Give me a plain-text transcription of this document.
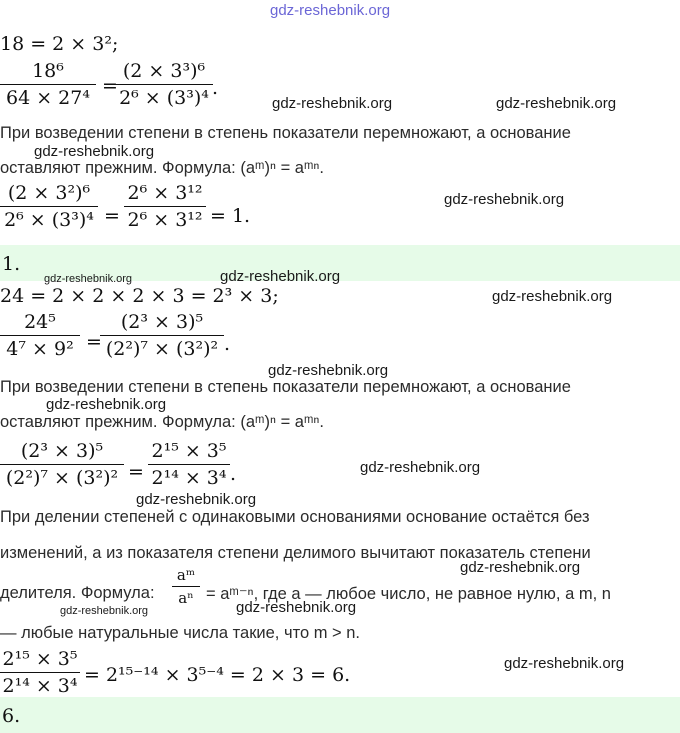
gdz-reshebnik.org
18 = 2 × 3²;
18⁶
64 × 27⁴
=
(2 × 3³)⁶
2⁶ × (3³)⁴ .
gdz-reshebnik.org	gdz-reshebnik.org
При возведении степени в степень показатели перемножают, а основание
gdz-reshebnik.org
оставляют прежним. Формула: (aᵐ)ⁿ = aᵐⁿ.
(2 × 3²)⁶
2⁶ × (3³)⁴ =
2⁶ × 3¹²
2⁶ × 3¹² = 1.
gdz-reshebnik.org
1.
gdz-reshebnik.org	gdz-reshebnik.org
24 = 2 × 2 × 2 × 3 = 2³ × 3;	gdz-reshebnik.org
24⁵
4⁷ × 9² =
(2³ × 3)⁵
(2²)⁷ × (3²)² .
gdz-reshebnik.org
При возведении степени в степень показатели перемножают, а основание
gdz-reshebnik.org
оставляют прежним. Формула: (aᵐ)ⁿ = aᵐⁿ.
(2³ × 3)⁵
(2²)⁷ × (3²)² =
2¹⁵ × 3⁵
2¹⁴ × 3⁴ .	gdz-reshebnik.org
gdz-reshebnik.org
При делении степеней с одинаковыми основаниями основание остаётся без
изменений, а из показателя степени делимого вычитают показатель степени
gdz-reshebnik.org
делителя. Формула:
aᵐ
aⁿ = aᵐ⁻ⁿ, где a — любое число, не равное нулю, а m, n
gdz-reshebnik.org	gdz-reshebnik.org
— любые натуральные числа такие, что m > n.
2¹⁵ × 3⁵
2¹⁴ × 3⁴ = 2¹⁵⁻¹⁴ × 3⁵⁻⁴ = 2 × 3 = 6.
gdz-reshebnik.org
6.
